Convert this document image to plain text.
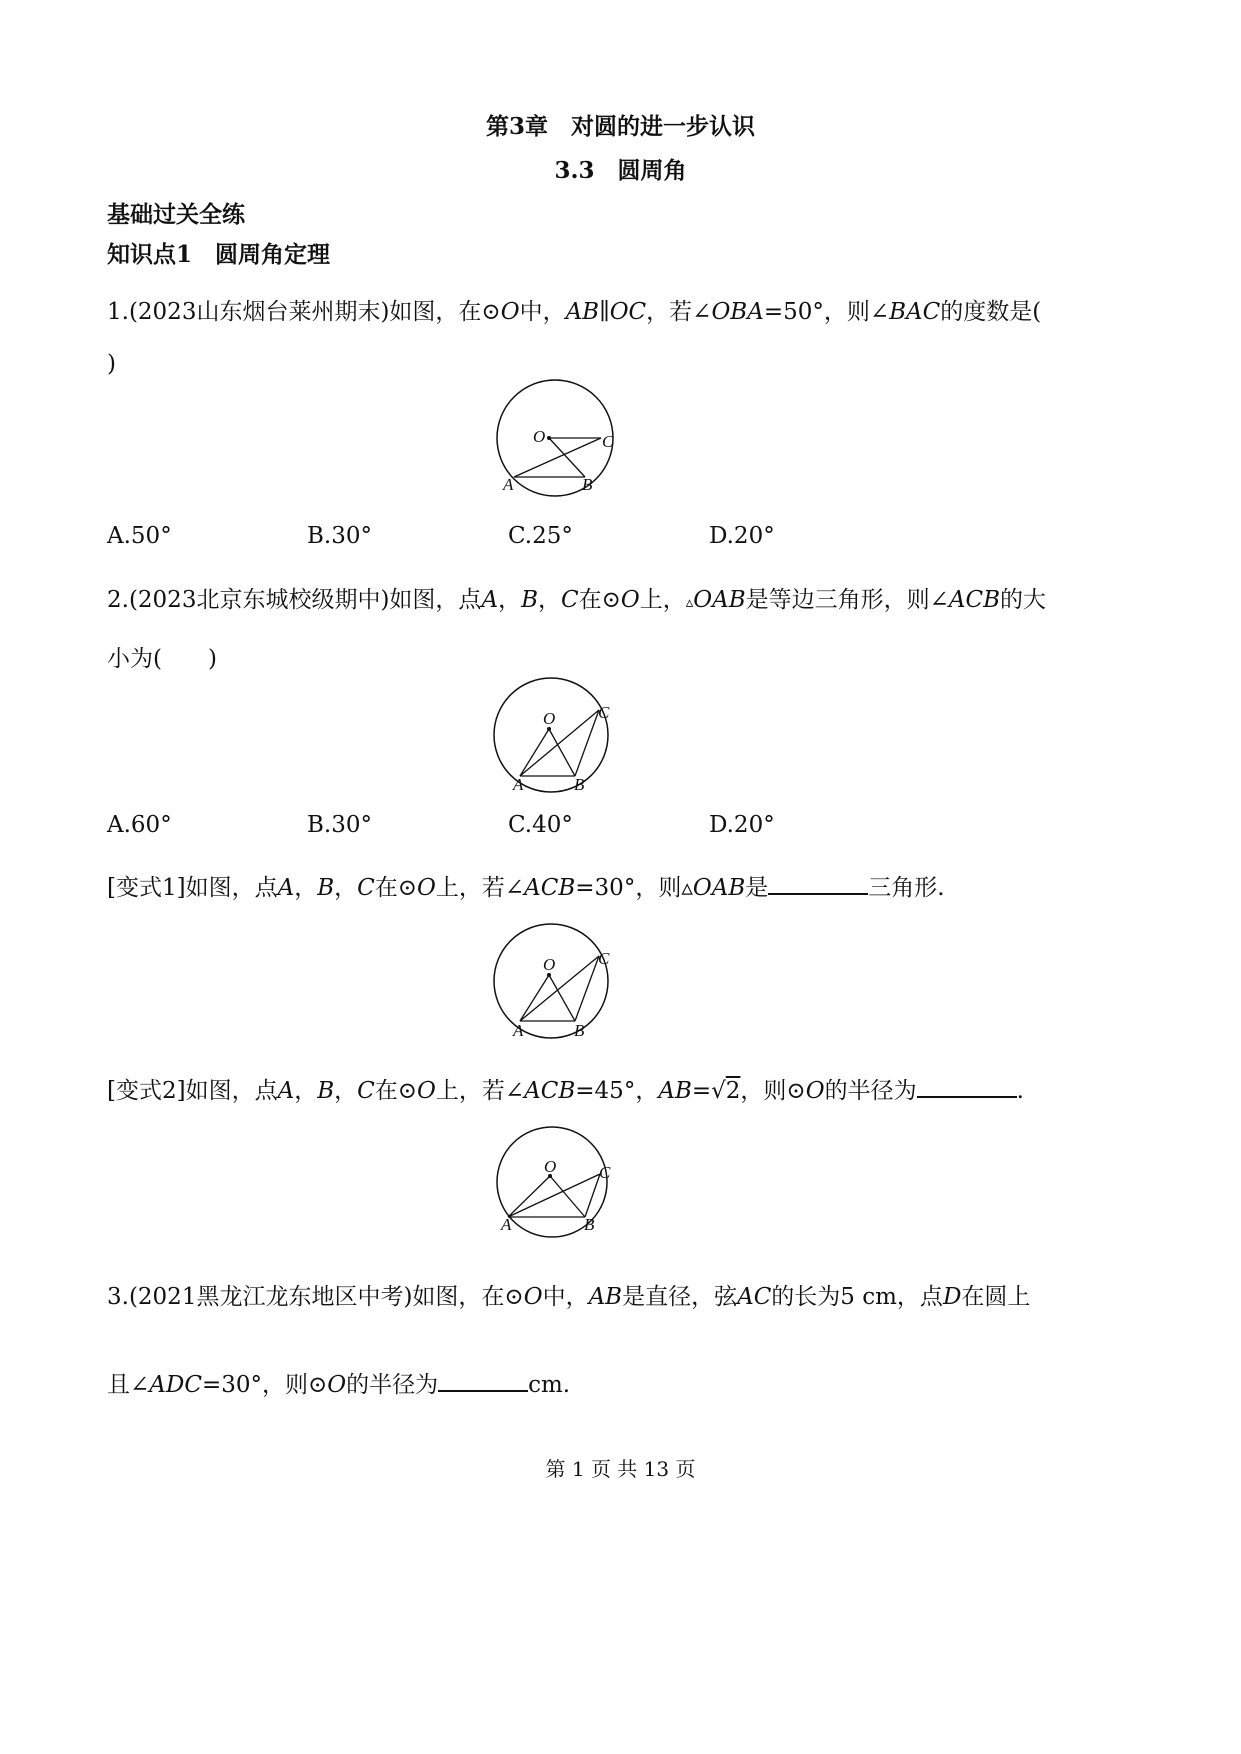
第3章　对圆的进一步认识
3.3　圆周角
基础过关全练
知识点1　圆周角定理
1.(2023山东烟台莱州期末)如图，在⊙O中，AB∥OC，若∠OBA=50°，则∠BAC的度数是(
)
O	C
A	B
A.50°	B.30°	C.25°	D.20°
2.(2023北京东城校级期中)如图，点A，B，C在⊙O上，▵OAB是等边三角形，则∠ACB的大
小为(　　)
O	C
A	B
A.60°	B.30°	C.40°	D.20°
[变式1]如图，点A，B，C在⊙O上，若∠ACB=30°，则▵OAB是	三角形.
O	C
A	B
[变式2]如图，点A，B，C在⊙O上，若∠ACB=45°，AB=√2，则⊙O的半径为	.
O	C
A	B
3.(2021黑龙江龙东地区中考)如图，在⊙O中，AB是直径，弦AC的长为5 cm，点D在圆上
且∠ADC=30°，则⊙O的半径为	cm.
第 1 页 共 13 页
